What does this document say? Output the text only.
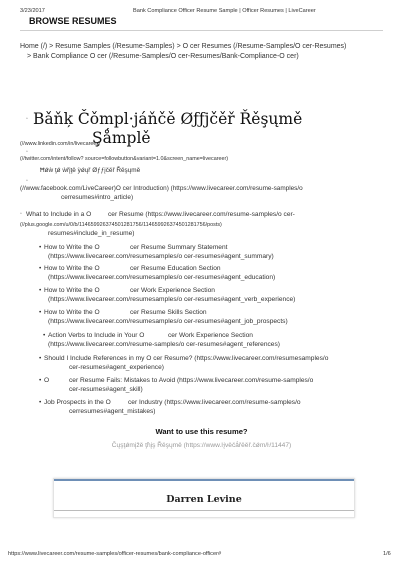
3/23/2017	Bank Compliance Officer Resume Sample | Officer Resumes | LiveCareer
BROWSE RESUMES
Home (/) > Resume Samples (/Resume-Samples) > O cer Resumes (/Resume-Samples/O cer-Resumes)
> Bank Compliance O cer (/Resume-Samples/O cer-Resumes/Bank-Compliance-O cer)
▫ Bǎňķ Čǒmpl·jáňčě Øƒƒjčěř Řěşųmě
(//www.linkedin.com/in/livecareer)
▫
(//twitter.com/intent/follow? source=followbutton&variant=1.0&screen_name=livecareer)
Şǻmplě
Ħǿẁ ţǿ ẁřįţě ỳǿųř Øƒƒįčěř Řěşųmě
▫
(//www.facebook.com/LiveCareer)O cer Introduction) (https://www.livecareer.com/resume-samples/o
cerresumes#intro_article)
▫ What to Include in a O	cer Resume (https://www.livecareer.com/resume-samples/o cer-
(//plus.google.com/u/0/b/114659926374501281756/114659926374501281756/posts)
resumes#include_in_resume)
• How to Write the O	cer Resume Summary Statement
(https://www.livecareer.com/resumesamples/o cer-resumes#agent_summary)
• How to Write the O	cer Resume Education Section
(https://www.livecareer.com/resumesamples/o cer-resumes#agent_education)
• How to Write the O	cer Work Experience Section
(https://www.livecareer.com/resumesamples/o cer-resumes#agent_verb_experience)
• How to Write the O	cer Resume Skills Section
(https://www.livecareer.com/resumesamples/o cer-resumes#agent_job_prospects)
• Action Verbs to Include in Your O	cer Work Experience Section
(https://www.livecareer.com/resume-samples/o cer-resumes#agent_references)
• Should I Include References in my O cer Resume? (https://www.livecareer.com/resumesamples/o
cer-resumes#agent_experience)
• O	cer Resume Fails: Mistakes to Avoid (https://www.livecareer.com/resume-samples/o
cer-resumes#agent_skill)
• Job Prospects in the O	cer Industry (https://www.livecareer.com/resume-samples/o
cerresumes#agent_mistakes)
Want to use this resume?
Čųşţǿmįžě ţħįş Řěşųmě (https://www.ŀįvěčǻřěěř.čǿm/ŀ/11447)
Darren Levine
https://www.livecareer.com/resume-samples/officer-resumes/bank-compliance-officer#	1/6
